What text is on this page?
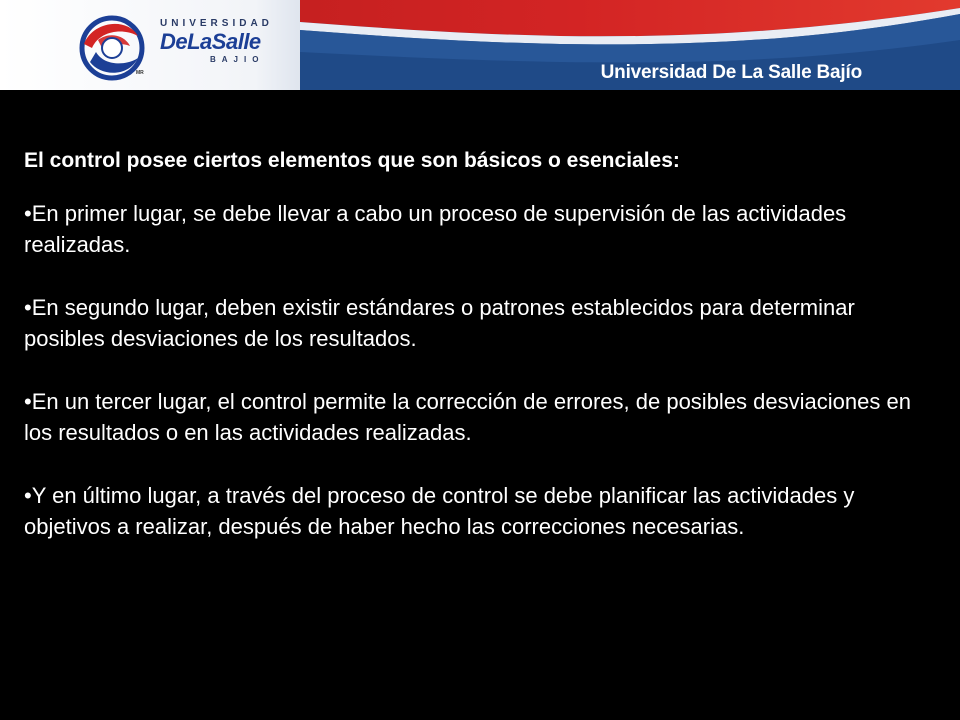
UNIVERSIDAD
DeLaSalle
BAJIO
MR	Universidad De La Salle Bajío
El control posee ciertos elementos que son básicos o esenciales:
•En primer lugar, se debe llevar a cabo un proceso de supervisión de las actividades realizadas.
•En segundo lugar, deben existir estándares o patrones establecidos para determinar posibles desviaciones de los resultados.
•En un tercer lugar, el control permite la corrección de errores, de posibles desviaciones en los resultados o en las actividades realizadas.
•Y en último lugar, a través del proceso de control se debe planificar las actividades y objetivos a realizar, después de haber hecho las correcciones necesarias.
